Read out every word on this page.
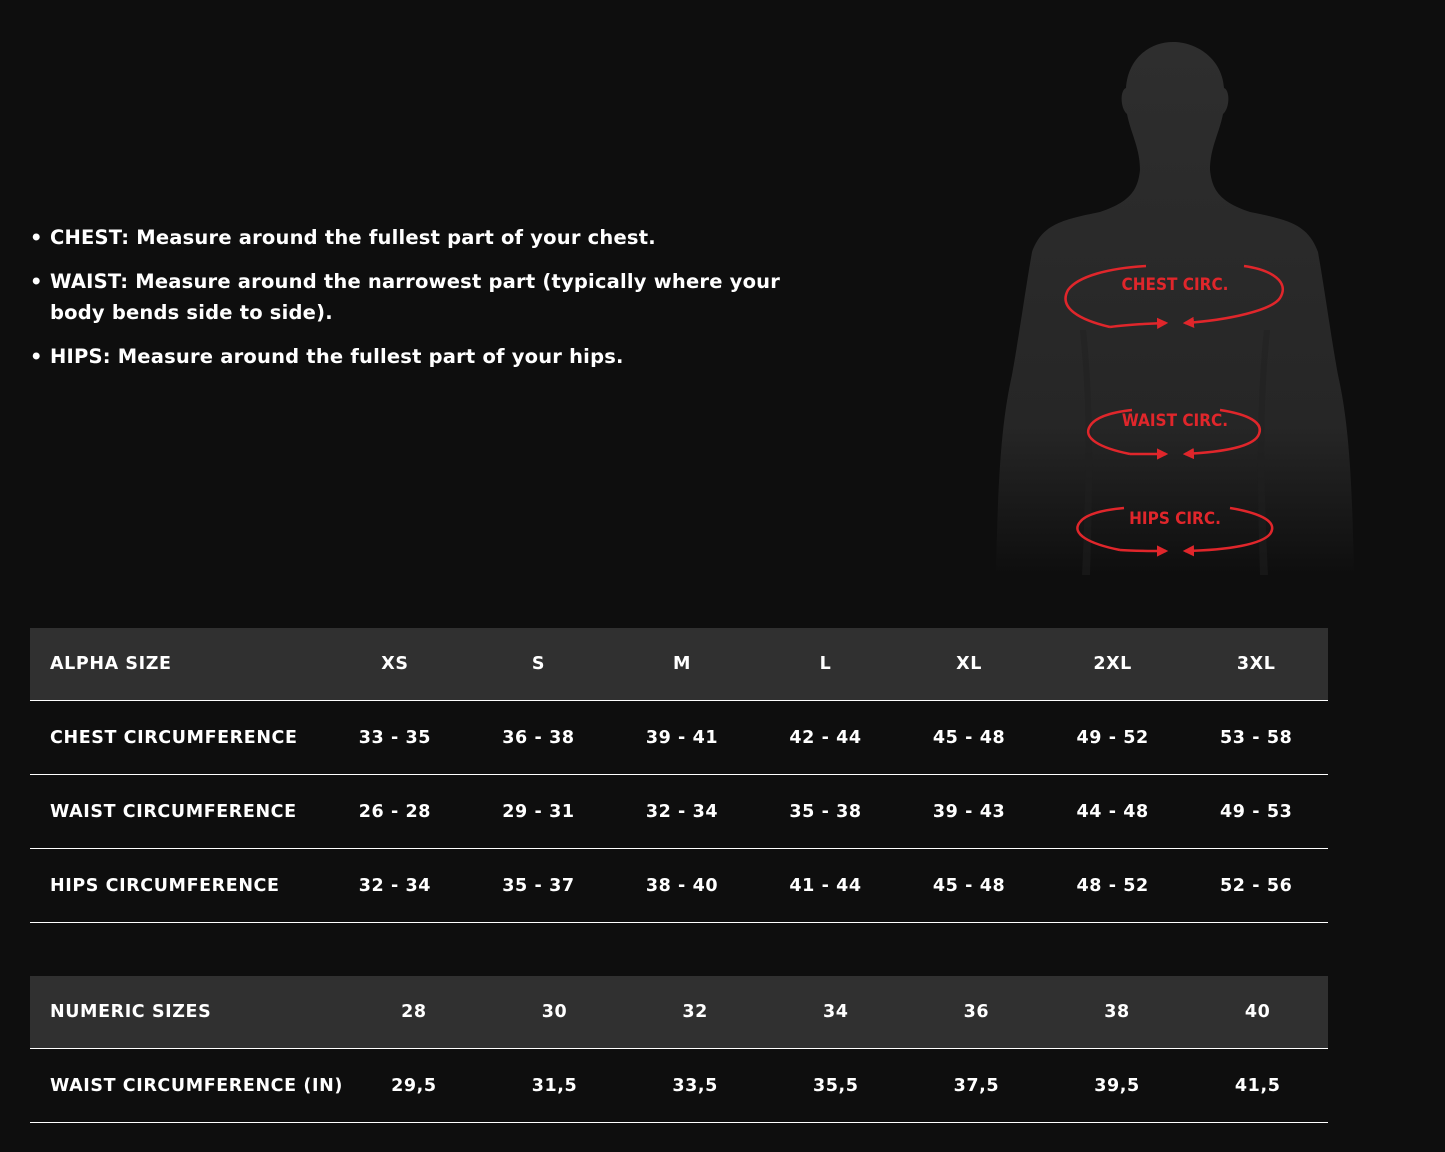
• CHEST: Measure around the fullest part of your chest.
• WAIST: Measure around the narrowest part (typically where your body bends side to side).
• HIPS: Measure around the fullest part of your hips.
CHEST CIRC.
WAIST CIRC.
HIPS CIRC.
ALPHA SIZE	XS	S	M	L	XL	2XL	3XL
CHEST CIRCUMFERENCE	33 - 35	36 - 38	39 - 41	42 - 44	45 - 48	49 - 52	53 - 58
WAIST CIRCUMFERENCE	26 - 28	29 - 31	32 - 34	35 - 38	39 - 43	44 - 48	49 - 53
HIPS CIRCUMFERENCE	32 - 34	35 - 37	38 - 40	41 - 44	45 - 48	48 - 52	52 - 56
NUMERIC SIZES	28	30	32	34	36	38	40
WAIST CIRCUMFERENCE (IN)	29,5	31,5	33,5	35,5	37,5	39,5	41,5
